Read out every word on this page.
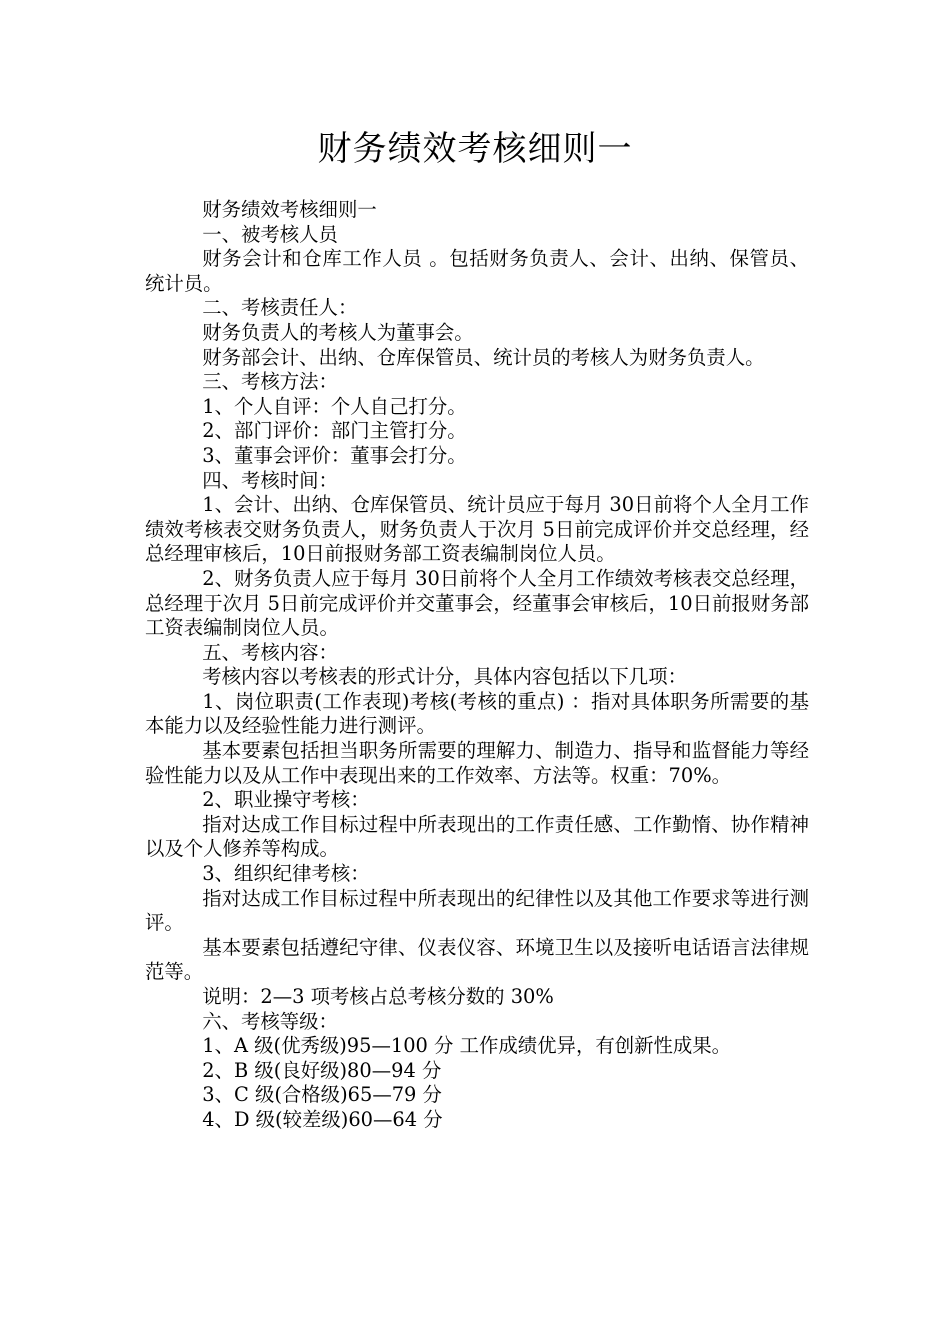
财务绩效考核细则一

财务绩效考核细则一

一、被考核人员

财务会计和仓库工作人员 。包括财务负责人、会计、出纳、保管员、统计员。

二、考核责任人：

财务负责人的考核人为董事会。

财务部会计、出纳、仓库保管员、统计员的考核人为财务负责人。

三、考核方法：

1、个人自评：个人自己打分。

2、部门评价：部门主管打分。

3、董事会评价：董事会打分。

四、考核时间：

1、会计、出纳、仓库保管员、统计员应于每月 30日前将个人全月工作绩效考核表交财务负责人，财务负责人于次月 5日前完成评价并交总经理，经总经理审核后，10日前报财务部工资表编制岗位人员。

2、财务负责人应于每月 30日前将个人全月工作绩效考核表交总经理，总经理于次月 5日前完成评价并交董事会，经董事会审核后，10日前报财务部工资表编制岗位人员。

五、考核内容：

考核内容以考核表的形式计分，具体内容包括以下几项：

1、岗位职责(工作表现)考核(考核的重点) ：指对具体职务所需要的基本能力以及经验性能力进行测评。

基本要素包括担当职务所需要的理解力、制造力、指导和监督能力等经验性能力以及从工作中表现出来的工作效率、方法等。权重：70%。

2、职业操守考核：

指对达成工作目标过程中所表现出的工作责任感、工作勤惰、协作精神以及个人修养等构成。

3、组织纪律考核：

指对达成工作目标过程中所表现出的纪律性以及其他工作要求等进行测评。

基本要素包括遵纪守律、仪表仪容、环境卫生以及接听电话语言法律规范等。

说明：2—3 项考核占总考核分数的 30%

六、考核等级：

1、A 级(优秀级)95—100 分 工作成绩优异，有创新性成果。

2、B 级(良好级)80—94 分

3、C 级(合格级)65—79 分

4、D 级(较差级)60—64 分
